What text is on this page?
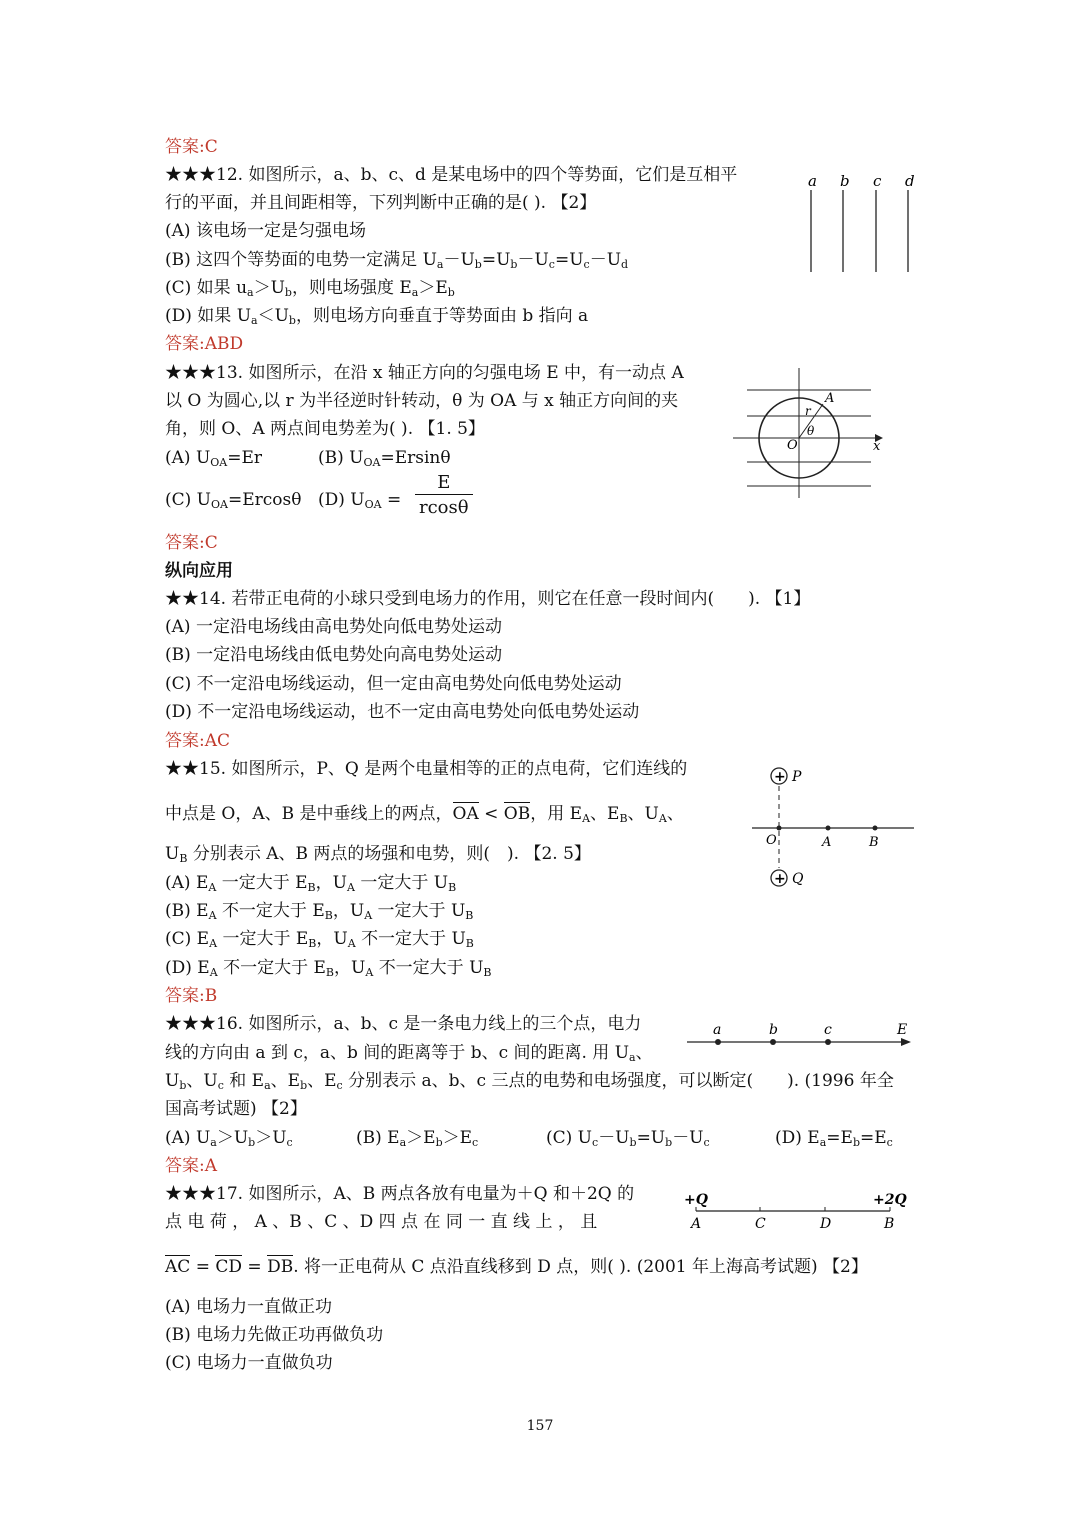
答案:C
★★★12. 如图所示，a、b、c、d 是某电场中的四个等势面，它们是互相平
行的平面，并且间距相等，下列判断中正确的是( ). 【2】
(A) 该电场一定是匀强电场
(B) 这四个等势面的电势一定满足 $U_a-U_b=U_b-U_c=U_c-U_d$
(C) 如果 $u_a>U_b$，则电场强度 $E_a>E_b$
(D) 如果 $U_a<U_b$，则电场方向垂直于等势面由 b 指向 a
a b c d
答案:ABD
★★★13. 如图所示，在沿 x 轴正方向的匀强电场 E 中，有一动点 A
以 O 为圆心,以 r 为半径逆时针转动，θ 为 OA 与 x 轴正方向间的夹
角，则 O、A 两点间电势差为( ). 【1. 5】
(A) $U_{OA}=Er$	(B) $U_{OA}=Ersin\theta$
(C) $U_{OA}=Ercos\theta$ (D) $U_{OA} = \frac{E}{rcos\theta}$
A
r
θ
O	x
答案:C
纵向应用
★★14. 若带正电荷的小球只受到电场力的作用，则它在任意一段时间内(　　). 【1】
(A) 一定沿电场线由高电势处向低电势处运动
(B) 一定沿电场线由低电势处向高电势处运动
(C) 不一定沿电场线运动，但一定由高电势处向低电势处运动
(D) 不一定沿电场线运动，也不一定由高电势处向低电势处运动
答案:AC
★★15. 如图所示，P、Q 是两个电量相等的正的点电荷，它们连线的
中点是 O，A、B 是中垂线上的两点，OA < OB，用 $E_A$、$E_B$、$U_A$、
$U_B$ 分别表示 A、B 两点的场强和电势，则(　). 【2. 5】
(A) $E_A$ 一定大于 $E_B$，$U_A$ 一定大于 $U_B$
(B) $E_A$ 不一定大于 $E_B$，$U_A$ 一定大于 $U_B$
(C) $E_A$ 一定大于 $E_B$，$U_A$ 不一定大于 $U_B$
(D) $E_A$ 不一定大于 $E_B$，$U_A$ 不一定大于 $U_B$
+ P
O	A	B
+ Q
答案:B
★★★16. 如图所示，a、b、c 是一条电力线上的三个点，电力
线的方向由 a 到 c，a、b 间的距离等于 b、c 间的距离. 用 $U_a$、
$U_b$、$U_c$ 和 $E_a$、$E_b$、$E_c$ 分别表示 a、b、c 三点的电势和电场强度，可以断定(　　). (1996 年全
国高考试题) 【2】
(A) $U_a>U_b>U_c$	(B) $E_a>E_b>E_c$	(C) $U_c-U_b=U_b-U_c$	(D) $E_a=E_b=E_c$
a	b	c	E
答案:A
★★★17. 如图所示，A、B 两点各放有电量为＋Q 和＋2Q 的
点 电 荷 ， A 、B 、C 、D 四 点 在 同 一 直 线 上 ， 且
AC = CD = DB. 将一正电荷从 C 点沿直线移到 D 点，则( ). (2001 年上海高考试题) 【2】
(A) 电场力一直做正功
(B) 电场力先做正功再做负功
(C) 电场力一直做负功
+Q	+2Q
A	C	D	B
157
